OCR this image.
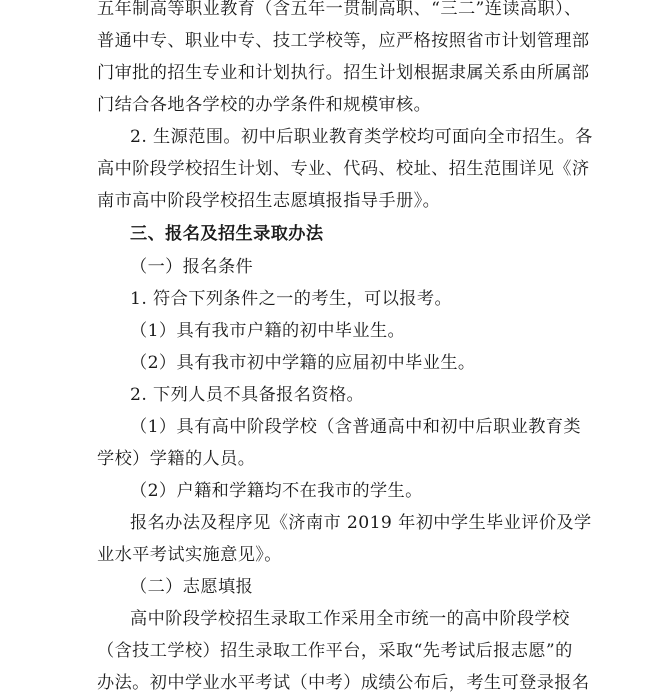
五年制高等职业教育（含五年一贯制高职、“三二”连读高职）、
普通中专、职业中专、技工学校等，应严格按照省市计划管理部
门审批的招生专业和计划执行。招生计划根据隶属关系由所属部
门结合各地各学校的办学条件和规模审核。
2. 生源范围。初中后职业教育类学校均可面向全市招生。各
高中阶段学校招生计划、专业、代码、校址、招生范围详见《济
南市高中阶段学校招生志愿填报指导手册》。
三、报名及招生录取办法
（一）报名条件
1. 符合下列条件之一的考生，可以报考。
（1）具有我市户籍的初中毕业生。
（2）具有我市初中学籍的应届初中毕业生。
2. 下列人员不具备报名资格。
（1）具有高中阶段学校（含普通高中和初中后职业教育类
学校）学籍的人员。
（2）户籍和学籍均不在我市的学生。
报名办法及程序见《济南市 2019 年初中学生毕业评价及学
业水平考试实施意见》。
（二）志愿填报
高中阶段学校招生录取工作采用全市统一的高中阶段学校
（含技工学校）招生录取工作平台，采取“先考试后报志愿”的
办法。初中学业水平考试（中考）成绩公布后，考生可登录报名
